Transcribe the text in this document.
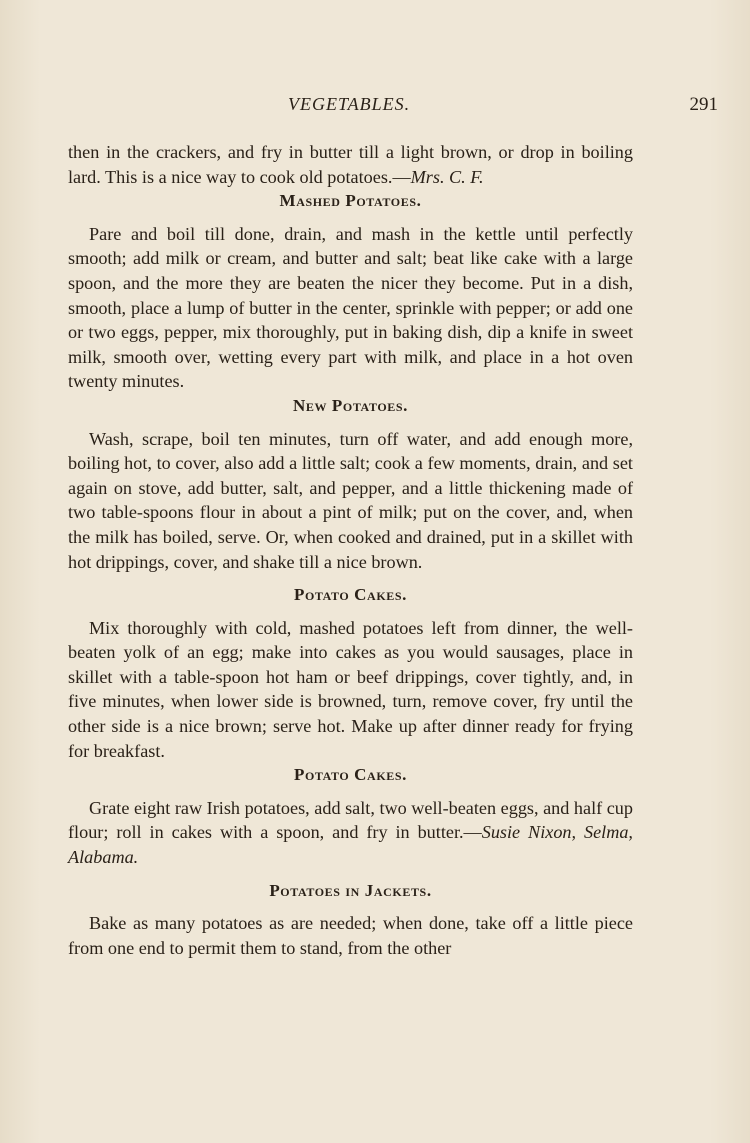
VEGETABLES.	291

then in the crackers, and fry in butter till a light brown, or drop in boiling lard. This is a nice way to cook old potatoes.—Mrs. C. F.

Mashed Potatoes.

Pare and boil till done, drain, and mash in the kettle until perfectly smooth; add milk or cream, and butter and salt; beat like cake with a large spoon, and the more they are beaten the nicer they become. Put in a dish, smooth, place a lump of butter in the center, sprinkle with pepper; or add one or two eggs, pepper, mix thoroughly, put in baking dish, dip a knife in sweet milk, smooth over, wetting every part with milk, and place in a hot oven twenty minutes.

New Potatoes.

Wash, scrape, boil ten minutes, turn off water, and add enough more, boiling hot, to cover, also add a little salt; cook a few moments, drain, and set again on stove, add butter, salt, and pepper, and a little thickening made of two table-spoons flour in about a pint of milk; put on the cover, and, when the milk has boiled, serve. Or, when cooked and drained, put in a skillet with hot drippings, cover, and shake till a nice brown.

Potato Cakes.

Mix thoroughly with cold, mashed potatoes left from dinner, the well-beaten yolk of an egg; make into cakes as you would sausages, place in skillet with a table-spoon hot ham or beef drippings, cover tightly, and, in five minutes, when lower side is browned, turn, remove cover, fry until the other side is a nice brown; serve hot. Make up after dinner ready for frying for breakfast.

Potato Cakes.

Grate eight raw Irish potatoes, add salt, two well-beaten eggs, and half cup flour; roll in cakes with a spoon, and fry in butter.—Susie Nixon, Selma, Alabama.

Potatoes in Jackets.

Bake as many potatoes as are needed; when done, take off a little piece from one end to permit them to stand, from the other
